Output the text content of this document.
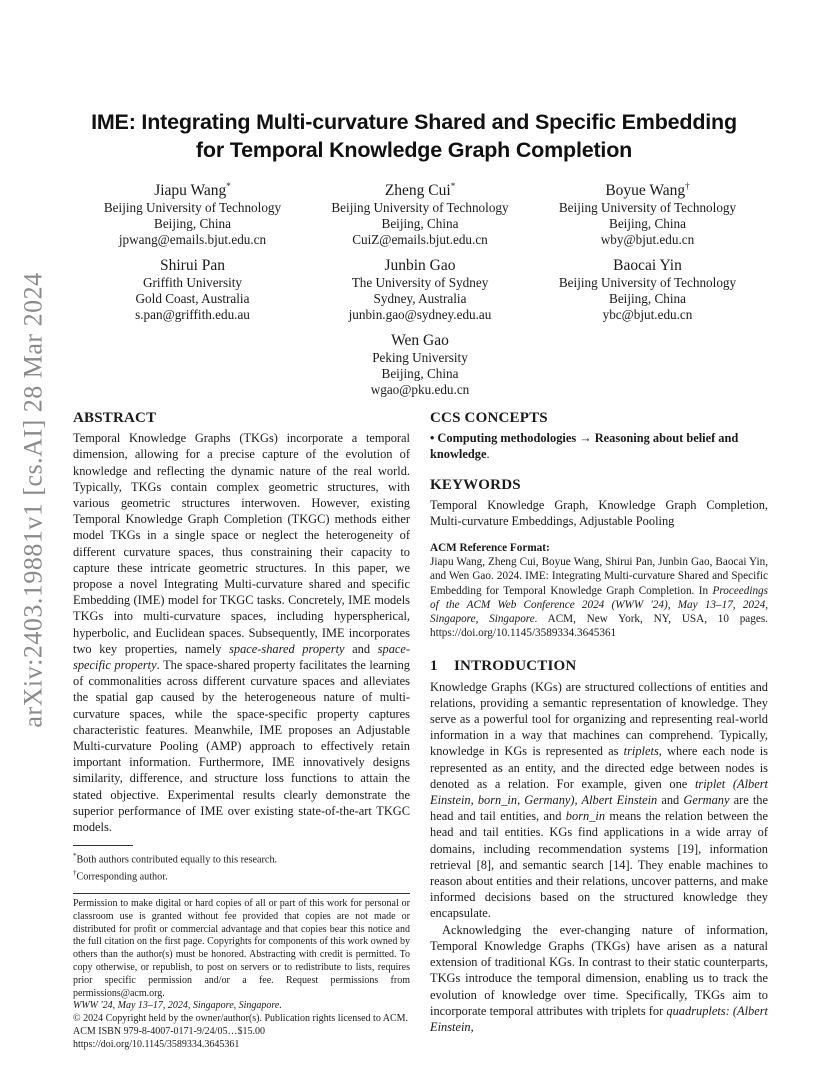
arXiv:2403.19881v1 [cs.AI] 28 Mar 2024
IME: Integrating Multi-curvature Shared and Specific Embedding
for Temporal Knowledge Graph Completion
Jiapu Wang*
Beijing University of Technology
Beijing, China
jpwang@emails.bjut.edu.cn
Zheng Cui*
Beijing University of Technology
Beijing, China
CuiZ@emails.bjut.edu.cn
Boyue Wang†
Beijing University of Technology
Beijing, China
wby@bjut.edu.cn
Shirui Pan
Griffith University
Gold Coast, Australia
s.pan@griffith.edu.au
Junbin Gao
The University of Sydney
Sydney, Australia
junbin.gao@sydney.edu.au
Baocai Yin
Beijing University of Technology
Beijing, China
ybc@bjut.edu.cn
Wen Gao
Peking University
Beijing, China
wgao@pku.edu.cn
ABSTRACT

Temporal Knowledge Graphs (TKGs) incorporate a temporal dimension, allowing for a precise capture of the evolution of knowledge and reflecting the dynamic nature of the real world. Typically, TKGs contain complex geometric structures, with various geometric structures interwoven. However, existing Temporal Knowledge Graph Completion (TKGC) methods either model TKGs in a single space or neglect the heterogeneity of different curvature spaces, thus constraining their capacity to capture these intricate geometric structures. In this paper, we propose a novel Integrating Multi-curvature shared and specific Embedding (IME) model for TKGC tasks. Concretely, IME models TKGs into multi-curvature spaces, including hyperspherical, hyperbolic, and Euclidean spaces. Subsequently, IME incorporates two key properties, namely space-shared property and space-specific property. The space-shared property facilitates the learning of commonalities across different curvature spaces and alleviates the spatial gap caused by the heterogeneous nature of multi-curvature spaces, while the space-specific property captures characteristic features. Meanwhile, IME proposes an Adjustable Multi-curvature Pooling (AMP) approach to effectively retain important information. Furthermore, IME innovatively designs similarity, difference, and structure loss functions to attain the stated objective. Experimental results clearly demonstrate the superior performance of IME over existing state-of-the-art TKGC models.

*Both authors contributed equally to this research.

†Corresponding author.

Permission to make digital or hard copies of all or part of this work for personal or classroom use is granted without fee provided that copies are not made or distributed for profit or commercial advantage and that copies bear this notice and the full citation on the first page. Copyrights for components of this work owned by others than the author(s) must be honored. Abstracting with credit is permitted. To copy otherwise, or republish, to post on servers or to redistribute to lists, requires prior specific permission and/or a fee. Request permissions from permissions@acm.org.

WWW '24, May 13–17, 2024, Singapore, Singapore.

© 2024 Copyright held by the owner/author(s). Publication rights licensed to ACM.

ACM ISBN 979-8-4007-0171-9/24/05…$15.00

https://doi.org/10.1145/3589334.3645361

CCS CONCEPTS

• Computing methodologies → Reasoning about belief and knowledge.

KEYWORDS

Temporal Knowledge Graph, Knowledge Graph Completion, Multi-curvature Embeddings, Adjustable Pooling

ACM Reference Format:

Jiapu Wang, Zheng Cui, Boyue Wang, Shirui Pan, Junbin Gao, Baocai Yin, and Wen Gao. 2024. IME: Integrating Multi-curvature Shared and Specific Embedding for Temporal Knowledge Graph Completion. In Proceedings of the ACM Web Conference 2024 (WWW '24), May 13–17, 2024, Singapore, Singapore. ACM, New York, NY, USA, 10 pages. https://doi.org/10.1145/3589334.3645361

1 INTRODUCTION

Knowledge Graphs (KGs) are structured collections of entities and relations, providing a semantic representation of knowledge. They serve as a powerful tool for organizing and representing real-world information in a way that machines can comprehend. Typically, knowledge in KGs is represented as triplets, where each node is represented as an entity, and the directed edge between nodes is denoted as a relation. For example, given one triplet (Albert Einstein, born_in, Germany), Albert Einstein and Germany are the head and tail entities, and born_in means the relation between the head and tail entities. KGs find applications in a wide array of domains, including recommendation systems [19], information retrieval [8], and semantic search [14]. They enable machines to reason about entities and their relations, uncover patterns, and make informed decisions based on the structured knowledge they encapsulate.

Acknowledging the ever-changing nature of information, Temporal Knowledge Graphs (TKGs) have arisen as a natural extension of traditional KGs. In contrast to their static counterparts, TKGs introduce the temporal dimension, enabling us to track the evolution of knowledge over time. Specifically, TKGs aim to incorporate temporal attributes with triplets for quadruplets: (Albert Einstein,
